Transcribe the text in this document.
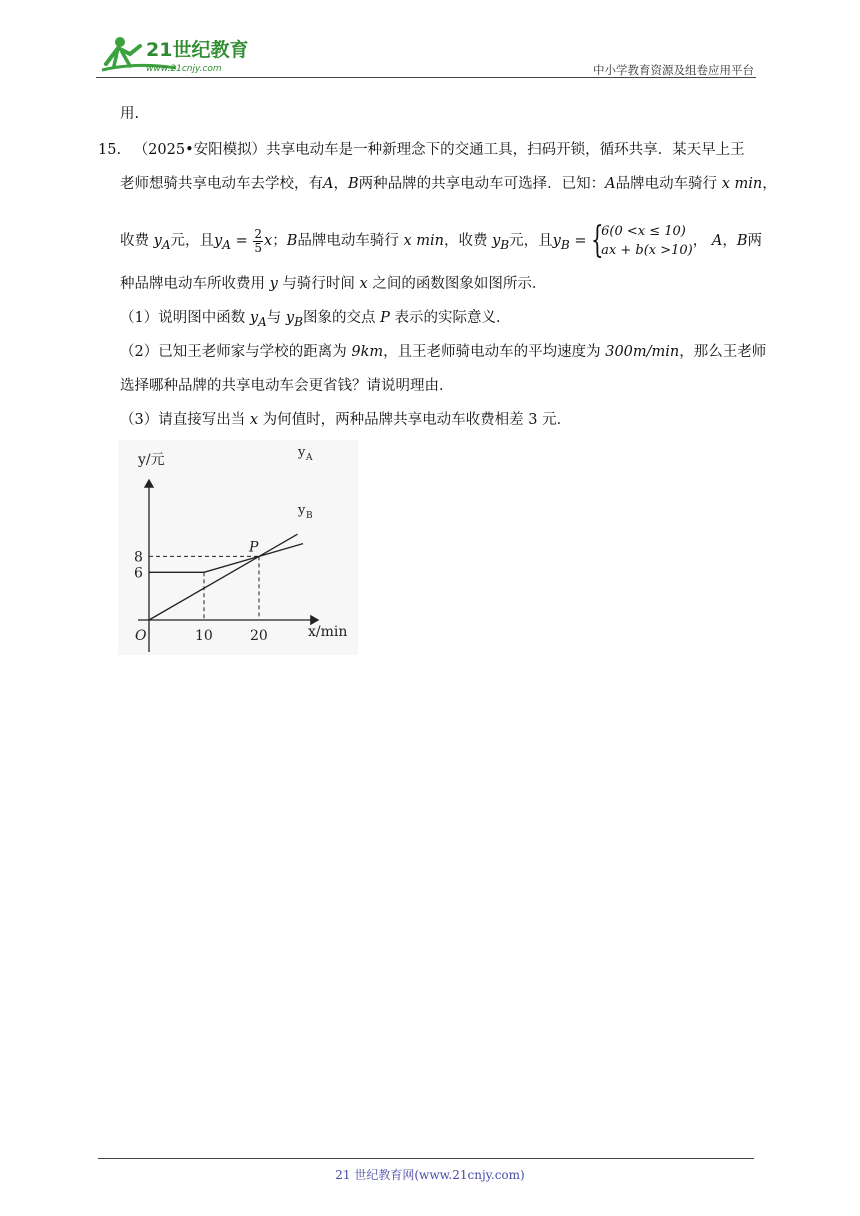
21世纪教育
www.21cnjy.com	中小学教育资源及组卷应用平台
用.
15. （2025•安阳模拟）共享电动车是一种新理念下的交通工具，扫码开锁，循环共享．某天早上王
老师想骑共享电动车去学校，有A，B两种品牌的共享电动车可选择．已知：A品牌电动车骑行 x min，
收费 $y_A$元，且$y_A = \frac{2}{5}$ x；B品牌电动车骑行 x min，收费 $y_B$元，且$y_B$ = {
6(0 <x ≤ 10)
ax + b(x >10)
， A，B两
种品牌电动车所收费用 y 与骑行时间 x 之间的函数图象如图所示．
（1）说明图中函数 $y_A$与 $y_B$图象的交点 P 表示的实际意义．
（2）已知王老师家与学校的距离为 9km，且王老师骑电动车的平均速度为 300m/min，那么王老师
选择哪种品牌的共享电动车会更省钱？请说明理由．
（3）请直接写出当 x 为何值时，两种品牌共享电动车收费相差 3 元．
8
6
10	20
O
y/元
x/min
P
y A
y B
21 世纪教育网(www.21cnjy.com)
